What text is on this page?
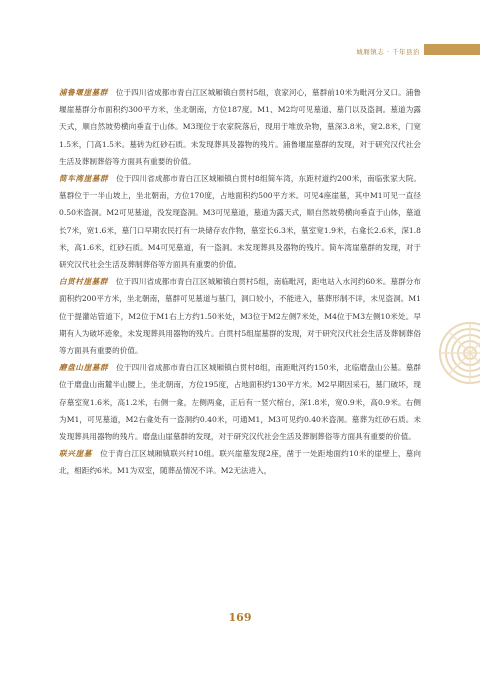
城厢镇志 · 千年县治

浦鲁堰崖墓群 位于四川省成都市青白江区城厢镇白贯村5组，袁家河心，墓群前10米为毗河分叉口。浦鲁堰崖墓群分布面积约300平方米，坐北朝南，方位187度。M1、M2均可见墓道、墓门以及盗洞。墓道为露天式，顺自然坡势横向垂直于山体。M3现位于农家院落后，现用于堆放杂物，墓深3.8米，宽2.8米，门宽1.5米，门高1.5米。墓砖为红砂石质。未发现葬具及器物的残片。浦鲁堰崖墓群的发现，对于研究汉代社会生活及葬制葬俗等方面具有重要的价值。

简车湾崖墓群 位于四川省成都市青白江区城厢镇白贯村8组简车湾，东距村道约200米，南临张家大院。墓群位于一半山坡上，坐北朝南，方位170度，占地面积约500平方米。可见4座崖墓，其中M1可见一直径0.50米盗洞。M2可见墓道，没发现盗洞。M3可见墓道，墓道为露天式，顺自然坡势横向垂直于山体，墓道长7米，宽1.6米，墓门口早期农民打有一块储存农作物，墓室长6.3米，墓室宽1.9米，右龛长2.6米，深1.8米，高1.6米，红砂石质。M4可见墓道，有一盗洞。未发现葬具及器物的残片。简车湾崖墓群的发现，对于研究汉代社会生活及葬制葬俗等方面具有重要的价值。

白贯村崖墓群 位于四川省成都市青白江区城厢镇白贯村5组，南临毗河，距电站入水河约60米。墓群分布面积约200平方米，坐北朝南，墓群可见墓道与墓门，洞口较小，不能进入，墓葬形制不详，未见盗洞。M1位于提灌站管道下，M2位于M1右上方约1.50米处，M3位于M2左侧7米处，M4位于M3左侧10米处。早期有人为破坏迹象，未发现葬具用器物的残片。白贯村5组崖墓群的发现，对于研究汉代社会生活及葬制葬俗等方面具有重要的价值。

磨盘山崖墓群 位于四川省成都市青白江区城厢镇白贯村8组，南距毗河约150米，北临磨盘山公墓。墓群位于磨盘山南麓半山腰上，坐北朝南，方位195度，占地面积约130平方米。M2早期因采石，墓门破坏，现存墓室宽1.6米，高1.2米，右侧一龛，左侧两龛，正后有一竖穴棺台，深1.8米，宽0.9米，高0.9米。右侧为M1，可见墓道，M2右龛处有一盗洞约0.40米，可通M1，M3可见约0.40米盗洞。墓葬为红砂石质。未发现葬具用器物的残片。磨盘山崖墓群的发现，对于研究汉代社会生活及葬制葬俗等方面具有重要的价值。

联兴崖墓 位于青白江区城厢镇联兴村10组。联兴崖墓发现2座，凿于一处距地面约10米的崖壁上，墓向北，相距约6米。M1为双室，随葬品情况不详。M2无法进入，

169
